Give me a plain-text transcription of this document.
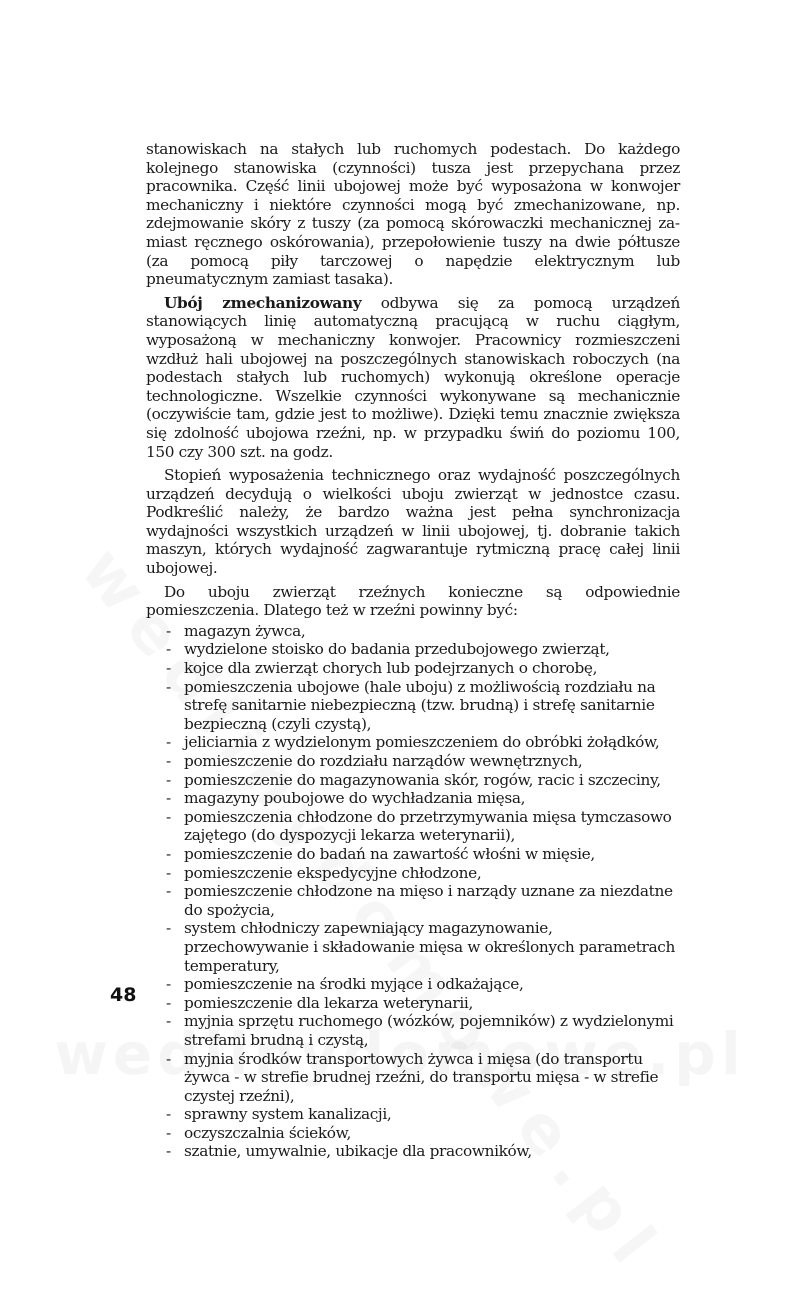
stanowiskach na stałych lub ruchomych podestach. Do każdego kolejnego stanowiska (czynności) tusza jest przepychana przez pracownika. Część linii ubojowej może być wyposażona w konwojer mechaniczny i niektóre czynności mogą być zmechanizowane, np. zdejmowanie skóry z tuszy (za pomocą skórowaczki mechanicznej zamiast ręcznego oskórowania), przepołowienie tuszy na dwie półtusze (za pomocą piły tarczowej o napędzie elektrycznym lub pneumatycznym zamiast tasaka).

Ubój zmechanizowany odbywa się za pomocą urządzeń stanowiących linię automatyczną pracującą w ruchu ciągłym, wyposażoną w mechaniczny konwojer. Pracownicy rozmieszczeni wzdłuż hali ubojowej na poszczególnych stanowiskach roboczych (na podestach stałych lub ruchomych) wykonują określone operacje technologiczne. Wszelkie czynności wykonywane są mechanicznie (oczywiście tam, gdzie jest to możliwe). Dzięki temu znacznie zwiększa się zdolność ubojowa rzeźni, np. w przypadku świń do poziomu 100, 150 czy 300 szt. na godz.

Stopień wyposażenia technicznego oraz wydajność poszczególnych urządzeń decydują o wielkości uboju zwierząt w jednostce czasu. Podkreślić należy, że bardzo ważna jest pełna synchronizacja wydajności wszystkich urządzeń w linii ubojowej, tj. dobranie takich maszyn, których wydajność zagwarantuje rytmiczną pracę całej linii ubojowej.

Do uboju zwierząt rzeźnych konieczne są odpowiednie pomieszczenia. Dlatego też w rzeźni powinny być:

- magazyn żywca,
- wydzielone stoisko do badania przedubojowego zwierząt,
- kojce dla zwierząt chorych lub podejrzanych o chorobę,
- pomieszczenia ubojowe (hale uboju) z możliwością rozdziału na strefę sanitarnie niebezpieczną (tzw. brudną) i strefę sanitarnie bezpieczną (czyli czystą),
- jeliciarnia z wydzielonym pomieszczeniem do obróbki żołądków,
- pomieszczenie do rozdziału narządów wewnętrznych,
- pomieszczenie do magazynowania skór, rogów, racic i szczeciny,
- magazyny poubojowe do wychładzania mięsa,
- pomieszczenia chłodzone do przetrzymywania mięsa tymczasowo zajętego (do dyspozycji lekarza weterynarii),
- pomieszczenie do badań na zawartość włośni w mięsie,
- pomieszczenie ekspedycyjne chłodzone,
- pomieszczenie chłodzone na mięso i narządy uznane za niezdatne do spożycia,
- system chłodniczy zapewniający magazynowanie, przechowywanie i składowanie mięsa w określonych parametrach temperatury,
- pomieszczenie na środki myjące i odkażające,
- pomieszczenie dla lekarza weterynarii,
- myjnia sprzętu ruchomego (wózków, pojemników) z wydzielonymi strefami brudną i czystą,
- myjnia środków transportowych żywca i mięsa (do transportu żywca - w strefie brudnej rzeźni, do transportu mięsa - w strefie czystej rzeźni),
- sprawny system kanalizacji,
- oczyszczalnia ścieków,
- szatnie, umywalnie, ubikacje dla pracowników,
48
